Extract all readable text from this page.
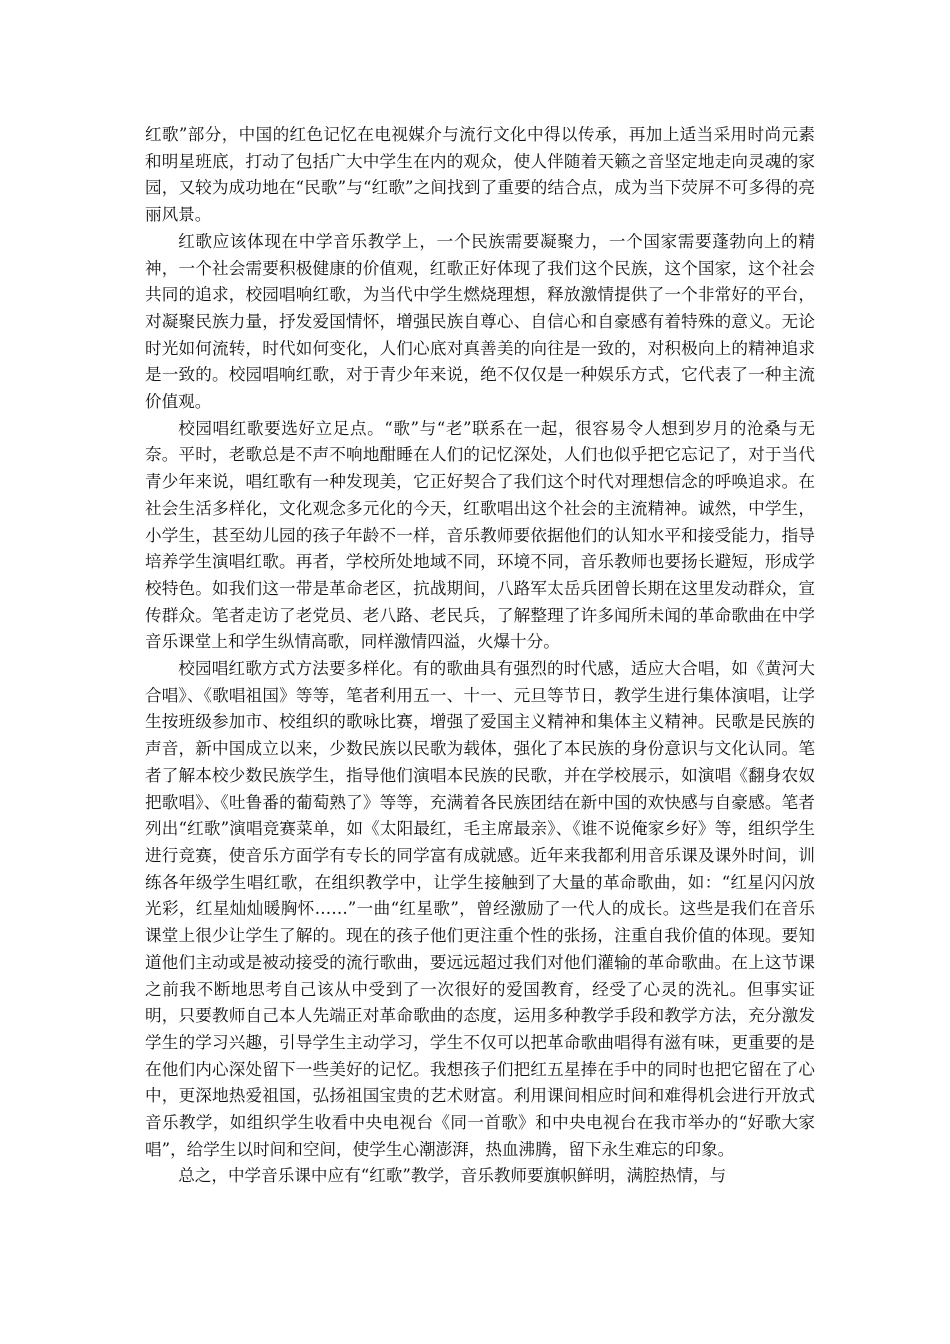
红歌”部分，中国的红色记忆在电视媒介与流行文化中得以传承，再加上适当采用时尚元素和明星班底，打动了包括广大中学生在内的观众，使人伴随着天籁之音坚定地走向灵魂的家园，又较为成功地在“民歌”与“红歌”之间找到了重要的结合点，成为当下荧屏不可多得的亮丽风景。

红歌应该体现在中学音乐教学上，一个民族需要凝聚力，一个国家需要蓬勃向上的精神，一个社会需要积极健康的价值观，红歌正好体现了我们这个民族，这个国家，这个社会共同的追求，校园唱响红歌，为当代中学生燃烧理想，释放激情提供了一个非常好的平台，对凝聚民族力量，抒发爱国情怀，增强民族自尊心、自信心和自豪感有着特殊的意义。无论时光如何流转，时代如何变化，人们心底对真善美的向往是一致的，对积极向上的精神追求是一致的。校园唱响红歌，对于青少年来说，绝不仅仅是一种娱乐方式，它代表了一种主流价值观。

校园唱红歌要选好立足点。“歌”与“老”联系在一起，很容易令人想到岁月的沧桑与无奈。平时，老歌总是不声不响地酣睡在人们的记忆深处，人们也似乎把它忘记了，对于当代青少年来说，唱红歌有一种发现美，它正好契合了我们这个时代对理想信念的呼唤追求。在社会生活多样化，文化观念多元化的今天，红歌唱出这个社会的主流精神。诚然，中学生，小学生，甚至幼儿园的孩子年龄不一样，音乐教师要依据他们的认知水平和接受能力，指导培养学生演唱红歌。再者，学校所处地域不同，环境不同，音乐教师也要扬长避短，形成学校特色。如我们这一带是革命老区，抗战期间，八路军太岳兵团曾长期在这里发动群众，宣传群众。笔者走访了老党员、老八路、老民兵，了解整理了许多闻所未闻的革命歌曲在中学音乐课堂上和学生纵情高歌，同样激情四溢，火爆十分。

校园唱红歌方式方法要多样化。有的歌曲具有强烈的时代感，适应大合唱，如《黄河大合唱》、《歌唱祖国》等等，笔者利用五一、十一、元旦等节日，教学生进行集体演唱，让学生按班级参加市、校组织的歌咏比赛，增强了爱国主义精神和集体主义精神。民歌是民族的声音，新中国成立以来，少数民族以民歌为载体，强化了本民族的身份意识与文化认同。笔者了解本校少数民族学生，指导他们演唱本民族的民歌，并在学校展示，如演唱《翻身农奴把歌唱》、《吐鲁番的葡萄熟了》等等，充满着各民族团结在新中国的欢快感与自豪感。笔者列出“红歌”演唱竞赛菜单，如《太阳最红，毛主席最亲》、《谁不说俺家乡好》等，组织学生进行竞赛，使音乐方面学有专长的同学富有成就感。近年来我都利用音乐课及课外时间，训练各年级学生唱红歌，在组织教学中，让学生接触到了大量的革命歌曲，如：“红星闪闪放光彩，红星灿灿暖胸怀……”一曲“红星歌”，曾经激励了一代人的成长。这些是我们在音乐课堂上很少让学生了解的。现在的孩子他们更注重个性的张扬，注重自我价值的体现。要知道他们主动或是被动接受的流行歌曲，要远远超过我们对他们灌输的革命歌曲。在上这节课之前我不断地思考自己该从中受到了一次很好的爱国教育，经受了心灵的洗礼。但事实证明，只要教师自己本人先端正对革命歌曲的态度，运用多种教学手段和教学方法，充分激发学生的学习兴趣，引导学生主动学习，学生不仅可以把革命歌曲唱得有滋有味，更重要的是在他们内心深处留下一些美好的记忆。我想孩子们把红五星捧在手中的同时也把它留在了心中，更深地热爱祖国，弘扬祖国宝贵的艺术财富。利用课间相应时间和难得机会进行开放式音乐教学，如组织学生收看中央电视台《同一首歌》和中央电视台在我市举办的“好歌大家唱”，给学生以时间和空间，使学生心潮澎湃，热血沸腾，留下永生难忘的印象。

总之，中学音乐课中应有“红歌”教学，音乐教师要旗帜鲜明，满腔热情，与
